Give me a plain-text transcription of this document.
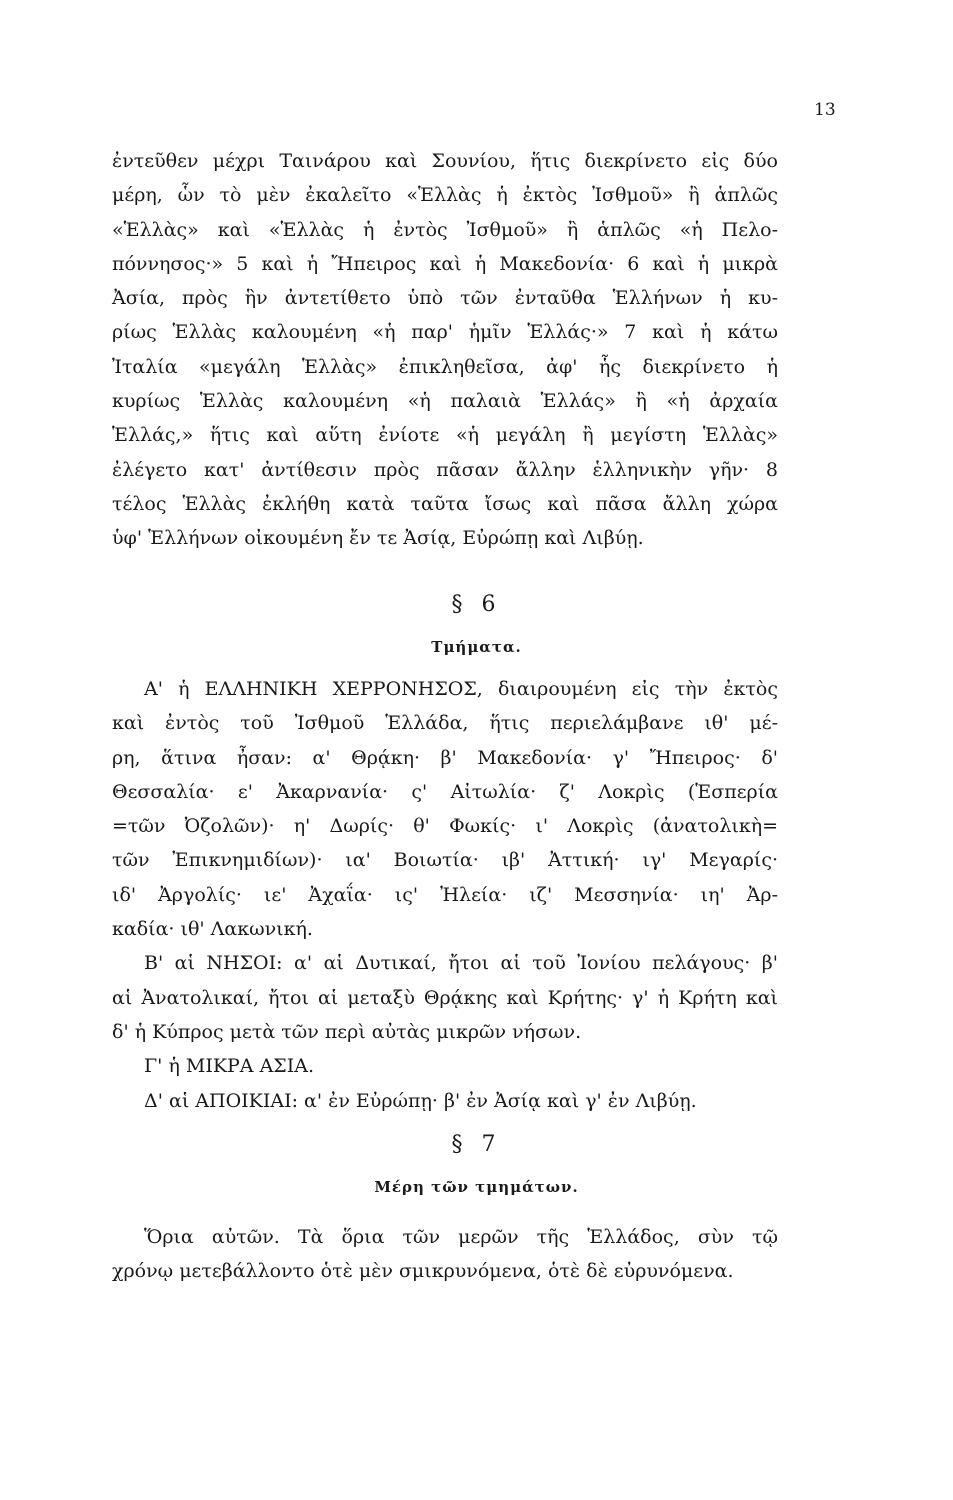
13
ἐντεῦθεν μέχρι Ταινάρου καὶ Σουνίου, ἥτις διεκρίνετο εἰς δύο
μέρη, ὧν τὸ μὲν ἐκαλεῖτο «Ἑλλὰς ἡ ἐκτὸς Ἰσθμοῦ» ἢ ἁπλῶς
«Ἑλλὰς» καὶ «Ἑλλὰς ἡ ἐντὸς Ἰσθμοῦ» ἢ ἁπλῶς «ἡ Πελο-
πόννησος·» 5 καὶ ἡ Ἤπειρος καὶ ἡ Μακεδονία· 6 καὶ ἡ μικρὰ
Ἀσία, πρὸς ἣν ἀντετίθετο ὑπὸ τῶν ἐνταῦθα Ἑλλήνων ἡ κυ-
ρίως Ἑλλὰς καλουμένη «ἡ παρ' ἡμῖν Ἑλλάς·» 7 καὶ ἡ κάτω
Ἰταλία «μεγάλη Ἑλλὰς» ἐπικληθεῖσα, ἀφ' ἧς διεκρίνετο ἡ
κυρίως Ἑλλὰς καλουμένη «ἡ παλαιὰ Ἑλλάς» ἢ «ἡ ἀρχαία
Ἑλλάς,» ἥτις καὶ αὕτη ἐνίοτε «ἡ μεγάλη ἢ μεγίστη Ἑλλὰς»
ἐλέγετο κατ' ἀντίθεσιν πρὸς πᾶσαν ἄλλην ἑλληνικὴν γῆν· 8
τέλος Ἑλλὰς ἐκλήθη κατὰ ταῦτα ἴσως καὶ πᾶσα ἄλλη χώρα
ὑφ' Ἑλλήνων οἰκουμένη ἔν τε Ἀσίᾳ, Εὐρώπῃ καὶ Λιβύῃ.
§ 6
Τμήματα.
Α' ἡ ΕΛΛΗΝΙΚΗ ΧΕΡΡΟΝΗΣΟΣ, διαιρουμένη εἰς τὴν ἐκτὸς
καὶ ἐντὸς τοῦ Ἰσθμοῦ Ἑλλάδα, ἥτις περιελάμβανε ιθ' μέ-
ρη, ἅτινα ἦσαν: α' Θρᾴκη· β' Μακεδονία· γ' Ἤπειρος· δ'
Θεσσαλία· ε' Ἀκαρνανία· ς' Αἰτωλία· ζ' Λοκρὶς (Ἑσπερία
=τῶν Ὀζολῶν)· η' Δωρίς· θ' Φωκίς· ι' Λοκρὶς (ἀνατολικὴ=
τῶν Ἐπικνημιδίων)· ια' Βοιωτία· ιβ' Ἀττική· ιγ' Μεγαρίς·
ιδ' Ἀργολίς· ιε' Ἀχαΐα· ις' Ἠλεία· ιζ' Μεσσηνία· ιη' Ἀρ-
καδία· ιθ' Λακωνική.
Β' αἱ ΝΗΣΟΙ: α' αἱ Δυτικαί, ἤτοι αἱ τοῦ Ἰονίου πελάγους· β'
αἱ Ἀνατολικαί, ἤτοι αἱ μεταξὺ Θρᾴκης καὶ Κρήτης· γ' ἡ Κρήτη καὶ
δ' ἡ Κύπρος μετὰ τῶν περὶ αὐτὰς μικρῶν νήσων.
Γ' ἡ ΜΙΚΡΑ ΑΣΙΑ.
Δ' αἱ ΑΠΟΙΚΙΑΙ: α' ἐν Εὐρώπῃ· β' ἐν Ἀσίᾳ καὶ γ' ἐν Λιβύῃ.
§ 7
Μέρη τῶν τμημάτων.
Ὅρια αὐτῶν. Τὰ ὅρια τῶν μερῶν τῆς Ἑλλάδος, σὺν τῷ
χρόνῳ μετεβάλλοντο ὁτὲ μὲν σμικρυνόμενα, ὁτὲ δὲ εὐρυνόμενα.
